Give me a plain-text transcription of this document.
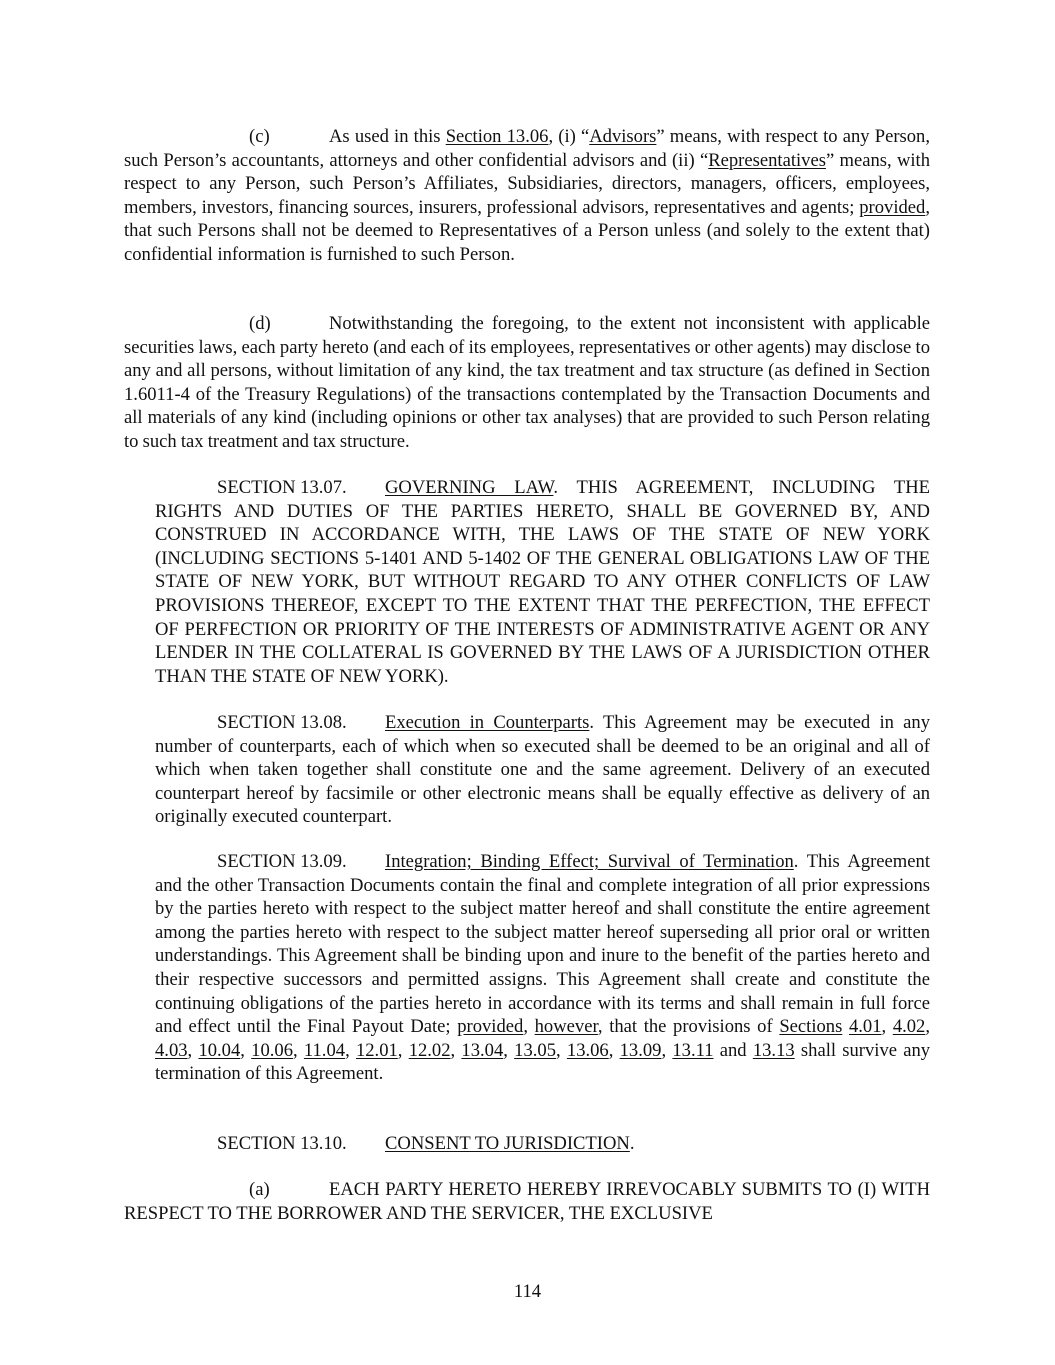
(c)	As used in this Section 13.06, (i) “Advisors” means, with respect to any Person, such Person’s accountants, attorneys and other confidential advisors and (ii) “Representatives” means, with respect to any Person, such Person’s Affiliates, Subsidiaries, directors, managers, officers, employees, members, investors, financing sources, insurers, professional advisors, representatives and agents; provided, that such Persons shall not be deemed to Representatives of a Person unless (and solely to the extent that) confidential information is furnished to such Person.

(d)	Notwithstanding the foregoing, to the extent not inconsistent with applicable securities laws, each party hereto (and each of its employees, representatives or other agents) may disclose to any and all persons, without limitation of any kind, the tax treatment and tax structure (as defined in Section 1.6011-4 of the Treasury Regulations) of the transactions contemplated by the Transaction Documents and all materials of any kind (including opinions or other tax analyses) that are provided to such Person relating to such tax treatment and tax structure.

SECTION 13.07. GOVERNING LAW. THIS AGREEMENT, INCLUDING THE RIGHTS AND DUTIES OF THE PARTIES HERETO, SHALL BE GOVERNED BY, AND CONSTRUED IN ACCORDANCE WITH, THE LAWS OF THE STATE OF NEW YORK (INCLUDING SECTIONS 5-1401 AND 5-1402 OF THE GENERAL OBLIGATIONS LAW OF THE STATE OF NEW YORK, BUT WITHOUT REGARD TO ANY OTHER CONFLICTS OF LAW PROVISIONS THEREOF, EXCEPT TO THE EXTENT THAT THE PERFECTION, THE EFFECT OF PERFECTION OR PRIORITY OF THE INTERESTS OF ADMINISTRATIVE AGENT OR ANY LENDER IN THE COLLATERAL IS GOVERNED BY THE LAWS OF A JURISDICTION OTHER THAN THE STATE OF NEW YORK).

SECTION 13.08. Execution in Counterparts. This Agreement may be executed in any number of counterparts, each of which when so executed shall be deemed to be an original and all of which when taken together shall constitute one and the same agreement. Delivery of an executed counterpart hereof by facsimile or other electronic means shall be equally effective as delivery of an originally executed counterpart.

SECTION 13.09. Integration; Binding Effect; Survival of Termination. This Agreement and the other Transaction Documents contain the final and complete integration of all prior expressions by the parties hereto with respect to the subject matter hereof and shall constitute the entire agreement among the parties hereto with respect to the subject matter hereof superseding all prior oral or written understandings. This Agreement shall be binding upon and inure to the benefit of the parties hereto and their respective successors and permitted assigns. This Agreement shall create and constitute the continuing obligations of the parties hereto in accordance with its terms and shall remain in full force and effect until the Final Payout Date; provided, however, that the provisions of Sections 4.01, 4.02, 4.03, 10.04, 10.06, 11.04, 12.01, 12.02, 13.04, 13.05, 13.06, 13.09, 13.11 and 13.13 shall survive any termination of this Agreement.

SECTION 13.10. CONSENT TO JURISDICTION.

(a)	EACH PARTY HERETO HEREBY IRREVOCABLY SUBMITS TO (I) WITH RESPECT TO THE BORROWER AND THE SERVICER, THE EXCLUSIVE

114
